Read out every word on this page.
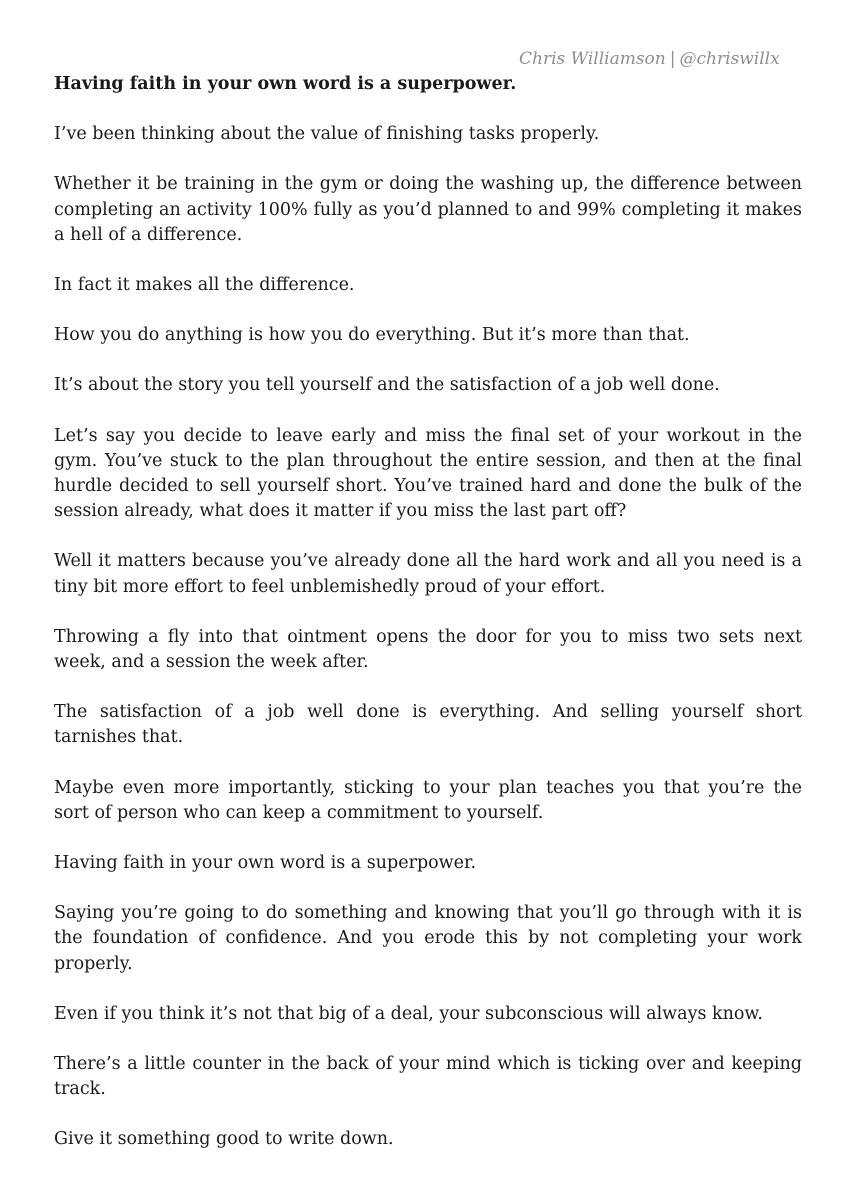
Chris Williamson | @chriswillx

Having faith in your own word is a superpower.

I’ve been thinking about the value of finishing tasks properly.

Whether it be training in the gym or doing the washing up, the difference between completing an activity 100% fully as you’d planned to and 99% completing it makes a hell of a difference.

In fact it makes all the difference.

How you do anything is how you do everything. But it’s more than that.

It’s about the story you tell yourself and the satisfaction of a job well done.

Let’s say you decide to leave early and miss the final set of your workout in the gym. You’ve stuck to the plan throughout the entire session, and then at the final hurdle decided to sell yourself short. You’ve trained hard and done the bulk of the session already, what does it matter if you miss the last part off?

Well it matters because you’ve already done all the hard work and all you need is a tiny bit more effort to feel unblemishedly proud of your effort.

Throwing a fly into that ointment opens the door for you to miss two sets next week, and a session the week after.

The satisfaction of a job well done is everything. And selling yourself short tarnishes that.

Maybe even more importantly, sticking to your plan teaches you that you’re the sort of person who can keep a commitment to yourself.

Having faith in your own word is a superpower.

Saying you’re going to do something and knowing that you’ll go through with it is the foundation of confidence. And you erode this by not completing your work properly.

Even if you think it’s not that big of a deal, your subconscious will always know.

There’s a little counter in the back of your mind which is ticking over and keeping track.

Give it something good to write down.
